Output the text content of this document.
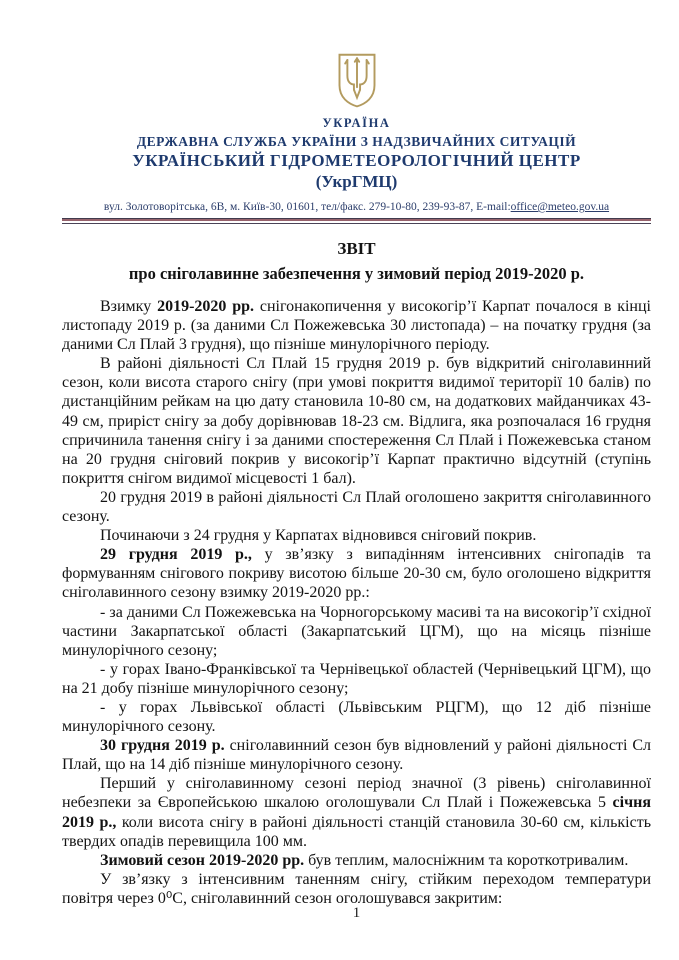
УКРАЇНА
ДЕРЖАВНА СЛУЖБА УКРАЇНИ З НАДЗВИЧАЙНИХ СИТУАЦІЙ
УКРАЇНСЬКИЙ ГІДРОМЕТЕОРОЛОГІЧНИЙ ЦЕНТР
(УкрГМЦ)
вул. Золотоворітська, 6В, м. Київ-30, 01601, тел/факс. 279-10-80, 239-93-87, E-mail:office@meteo.gov.ua
ЗВІТ
про сніголавинне забезпечення у зимовий період 2019-2020 р.

Взимку 2019-2020 рр. снігонакопичення у високогір’ї Карпат почалося в кінці листопаду 2019 р. (за даними Сл Пожежевська 30 листопада) – на початку грудня (за даними Сл Плай 3 грудня), що пізніше минулорічного періоду.

В районі діяльності Сл Плай 15 грудня 2019 р. був відкритий сніголавинний сезон, коли висота старого снігу (при умові покриття видимої території 10 балів) по дистанційним рейкам на цю дату становила 10-80 см, на додаткових майданчиках 43-49 см, приріст снігу за добу дорівнював 18-23 см. Відлига, яка розпочалася 16 грудня спричинила танення снігу і за даними спостереження Сл Плай і Пожежевська станом на 20 грудня сніговий покрив у високогір’ї Карпат практично відсутній (ступінь покриття снігом видимої місцевості 1 бал).

20 грудня 2019 в районі діяльності Сл Плай оголошено закриття сніголавинного сезону.

Починаючи з 24 грудня у Карпатах відновився сніговий покрив.

29 грудня 2019 р., у зв’язку з випадінням інтенсивних снігопадів та формуванням снігового покриву висотою більше 20-30 см, було оголошено відкриття сніголавинного сезону взимку 2019-2020 рр.:

- за даними Сл Пожежевська на Чорногорському масиві та на високогір’ї східної частини Закарпатської області (Закарпатський ЦГМ), що на місяць пізніше минулорічного сезону;

- у горах Івано-Франківської та Чернівецької областей (Чернівецький ЦГМ), що на 21 добу пізніше минулорічного сезону;

- у горах Львівської області (Львівським РЦГМ), що 12 діб пізніше минулорічного сезону.

30 грудня 2019 р. сніголавинний сезон був відновлений у районі діяльності Сл Плай, що на 14 діб пізніше минулорічного сезону.

Перший у сніголавинному сезоні період значної (3 рівень) сніголавинної небезпеки за Європейською шкалою оголошували Сл Плай і Пожежевська 5 січня 2019 р., коли висота снігу в районі діяльності станцій становила 30-60 см, кількість твердих опадів перевищила 100 мм.

Зимовий сезон 2019-2020 рр. був теплим, малосніжним та короткотривалим.

У зв’язку з інтенсивним таненням снігу, стійким переходом температури повітря через 0⁰С, сніголавинний сезон оголошувався закритим:

1
